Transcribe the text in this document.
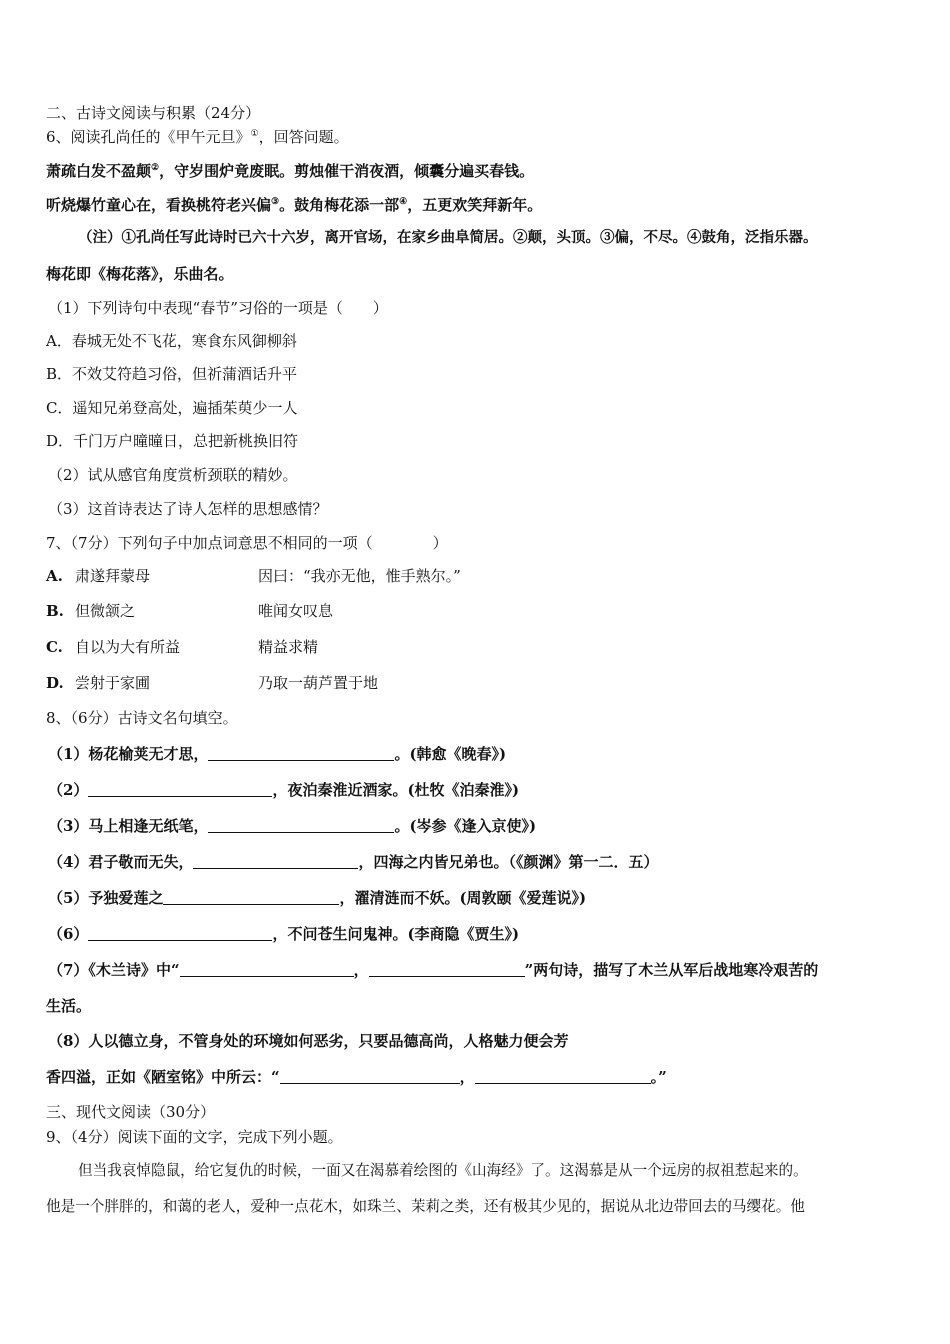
二、古诗文阅读与积累（24分）
6、阅读孔尚任的《甲午元旦》①，回答问题。
萧疏白发不盈颠②，守岁围炉竟废眠。剪烛催干消夜酒，倾囊分遍买春钱。
听烧爆竹童心在，看换桃符老兴偏③。鼓角梅花添一部④，五更欢笑拜新年。
（注）①孔尚任写此诗时已六十六岁，离开官场，在家乡曲阜简居。②颠，头顶。③偏，不尽。④鼓角，泛指乐器。
梅花即《梅花落》，乐曲名。
（1）下列诗句中表现“春节”习俗的一项是（　　）
A．春城无处不飞花，寒食东风御柳斜
B．不效艾符趋习俗，但祈蒲酒话升平
C．遥知兄弟登高处，遍插茱萸少一人
D．千门万户曈曈日，总把新桃换旧符
（2）试从感官角度赏析颈联的精妙。
（3）这首诗表达了诗人怎样的思想感情？
7、（7分）下列句子中加点词意思不相同的一项（　　　　）
A. 肃遂拜蒙母	因曰：“我亦无他，惟手熟尔。”
B. 但微颔之	唯闻女叹息
C. 自以为大有所益	精益求精
D. 尝射于家圃	乃取一葫芦置于地
8、（6分）古诗文名句填空。
（1）杨花榆荚无才思，	。(韩愈《晚春》)
（2）	，夜泊秦淮近酒家。(杜牧《泊秦淮》)
（3）马上相逢无纸笔，	。(岑参《逢入京使》)
（4）君子敬而无失，	，四海之内皆兄弟也。（《颜渊》第一二．五）
（5）予独爱莲之	，濯清涟而不妖。(周敦颐《爱莲说》)
（6）	，不问苍生问鬼神。(李商隐《贾生》)
（7）《木兰诗》中“	，	”两句诗，描写了木兰从军后战地寒冷艰苦的
生活。
（8）人以德立身，不管身处的环境如何恶劣，只要品德高尚，人格魅力便会芳
香四溢，正如《陋室铭》中所云：“	，	。”
三、现代文阅读（30分）
9、（4分）阅读下面的文字，完成下列小题。
但当我哀悼隐鼠，给它复仇的时候，一面又在渴慕着绘图的《山海经》了。这渴慕是从一个远房的叔祖惹起来的。
他是一个胖胖的，和蔼的老人，爱种一点花木，如珠兰、茉莉之类，还有极其少见的，据说从北边带回去的马缨花。他
